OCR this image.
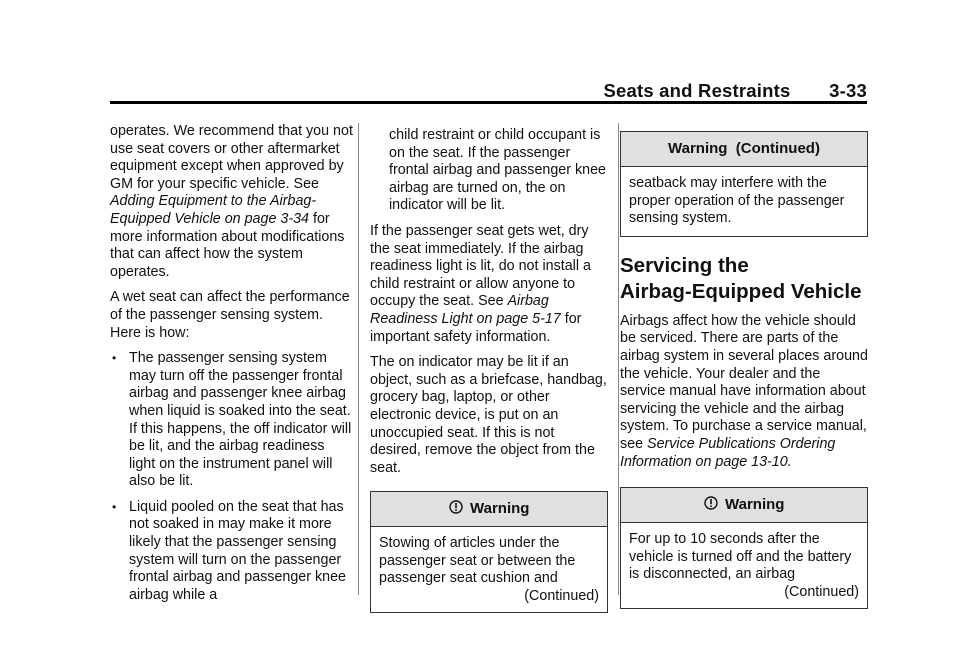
Seats and Restraints 3-33

operates. We recommend that you not use seat covers or other aftermarket equipment except when approved by GM for your specific vehicle. See Adding Equipment to the Airbag-Equipped Vehicle on page 3-34 for more information about modifications that can affect how the system operates.

A wet seat can affect the performance of the passenger sensing system. Here is how:

• The passenger sensing system may turn off the passenger frontal airbag and passenger knee airbag when liquid is soaked into the seat. If this happens, the off indicator will be lit, and the airbag readiness light on the instrument panel will also be lit.
• Liquid pooled on the seat that has not soaked in may make it more likely that the passenger sensing system will turn on the passenger frontal airbag and passenger knee airbag while a
child restraint or child occupant is on the seat. If the passenger frontal airbag and passenger knee airbag are turned on, the on indicator will be lit.

If the passenger seat gets wet, dry the seat immediately. If the airbag readiness light is lit, do not install a child restraint or allow anyone to occupy the seat. See Airbag Readiness Light on page 5-17 for important safety information.

The on indicator may be lit if an object, such as a briefcase, handbag, grocery bag, laptop, or other electronic device, is put on an unoccupied seat. If this is not desired, remove the object from the seat.

Warning
Stowing of articles under the passenger seat or between the passenger seat cushion and
(Continued)
Warning  (Continued)
seatback may interfere with the proper operation of the passenger sensing system.
Servicing the
Airbag-Equipped Vehicle

Airbags affect how the vehicle should be serviced. There are parts of the airbag system in several places around the vehicle. Your dealer and the service manual have information about servicing the vehicle and the airbag system. To purchase a service manual, see Service Publications Ordering Information on page 13-10.

Warning
For up to 10 seconds after the vehicle is turned off and the battery is disconnected, an airbag
(Continued)
